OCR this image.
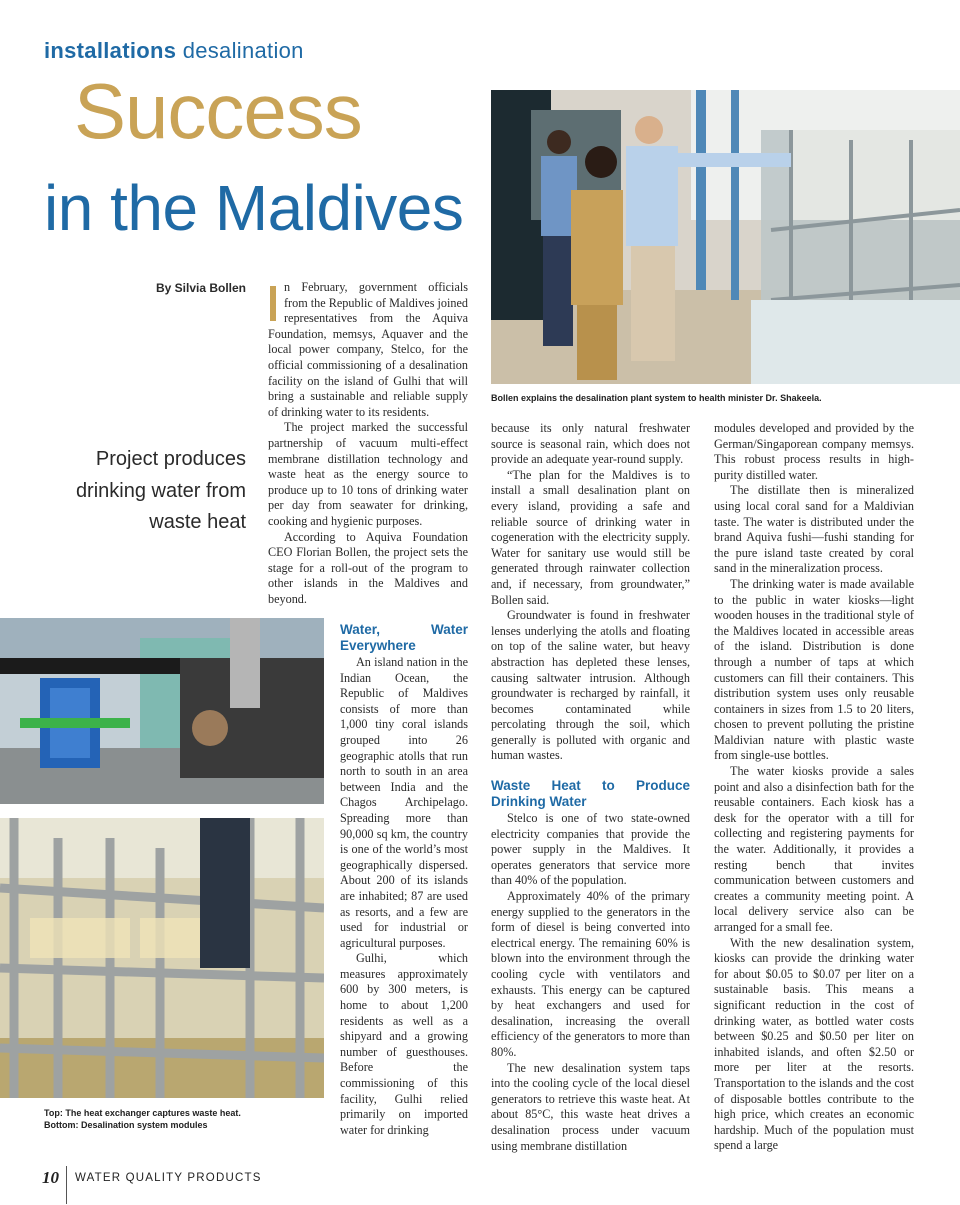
installations desalination
Success
in the Maldives
Bollen explains the desalination plant system to health minister Dr. Shakeela.
By Silvia Bollen
Project produces
drinking water from
waste heat

n February, government officials from the Republic of Maldives joined representatives from the Aquiva Foundation, memsys, Aquaver and the local power company, Stelco, for the official commissioning of a desalination facility on the island of Gulhi that will bring a sustainable and reliable supply of drinking water to its residents.

The project marked the successful partnership of vacuum multi-effect membrane distillation technology and waste heat as the energy source to produce up to 10 tons of drinking water per day from seawater for drinking, cooking and hygienic purposes.

According to Aquiva Foundation CEO Florian Bollen, the project sets the stage for a roll-out of the program to other islands in the Maldives and beyond.

Top: The heat exchanger captures waste heat.
Bottom: Desalination system modules
Water, Water Everywhere

An island nation in the Indian Ocean, the Republic of Maldives consists of more than 1,000 tiny coral islands grouped into 26 geographic atolls that run north to south in an area between India and the Chagos Archipelago. Spreading more than 90,000 sq km, the country is one of the world’s most geographically dispersed. About 200 of its islands are inhabited; 87 are used as resorts, and a few are used for industrial or agricultural purposes.

Gulhi, which measures approximately 600 by 300 meters, is home to about 1,200 residents as well as a shipyard and a growing number of guesthouses. Before the commissioning of this facility, Gulhi relied primarily on imported water for drinking

because its only natural freshwater source is seasonal rain, which does not provide an adequate year-round supply.

“The plan for the Maldives is to install a small desalination plant on every island, providing a safe and reliable source of drinking water in cogeneration with the electricity supply. Water for sanitary use would still be generated through rainwater collection and, if necessary, from groundwater,” Bollen said.

Groundwater is found in freshwater lenses underlying the atolls and floating on top of the saline water, but heavy abstraction has depleted these lenses, causing saltwater intrusion. Although groundwater is recharged by rainfall, it becomes contaminated while percolating through the soil, which generally is polluted with organic and human wastes.

Waste Heat to Produce Drinking Water

Stelco is one of two state-owned electricity companies that provide the power supply in the Maldives. It operates generators that service more than 40% of the population.

Approximately 40% of the primary energy supplied to the generators in the form of diesel is being converted into electrical energy. The remaining 60% is blown into the environment through the cooling cycle with ventilators and exhausts. This energy can be captured by heat exchangers and used for desalination, increasing the overall efficiency of the generators to more than 80%.

The new desalination system taps into the cooling cycle of the local diesel generators to retrieve this waste heat. At about 85°C, this waste heat drives a desalination process under vacuum using membrane distillation

modules developed and provided by the German/Singaporean company memsys. This robust process results in high-purity distilled water.

The distillate then is mineralized using local coral sand for a Maldivian taste. The water is distributed under the brand Aquiva fushi—fushi standing for the pure island taste created by coral sand in the mineralization process.

The drinking water is made available to the public in water kiosks—light wooden houses in the traditional style of the Maldives located in accessible areas of the island. Distribution is done through a number of taps at which customers can fill their containers. This distribution system uses only reusable containers in sizes from 1.5 to 20 liters, chosen to prevent polluting the pristine Maldivian nature with plastic waste from single-use bottles.

The water kiosks provide a sales point and also a disinfection bath for the reusable containers. Each kiosk has a desk for the operator with a till for collecting and registering payments for the water. Additionally, it provides a resting bench that invites communication between customers and creates a community meeting point. A local delivery service also can be arranged for a small fee.

With the new desalination system, kiosks can provide the drinking water for about $0.05 to $0.07 per liter on a sustainable basis. This means a significant reduction in the cost of drinking water, as bottled water costs between $0.25 and $0.50 per liter on inhabited islands, and often $2.50 or more per liter at the resorts. Transportation to the islands and the cost of disposable bottles contribute to the high price, which creates an economic hardship. Much of the population must spend a large

10 WATER QUALITY PRODUCTS
